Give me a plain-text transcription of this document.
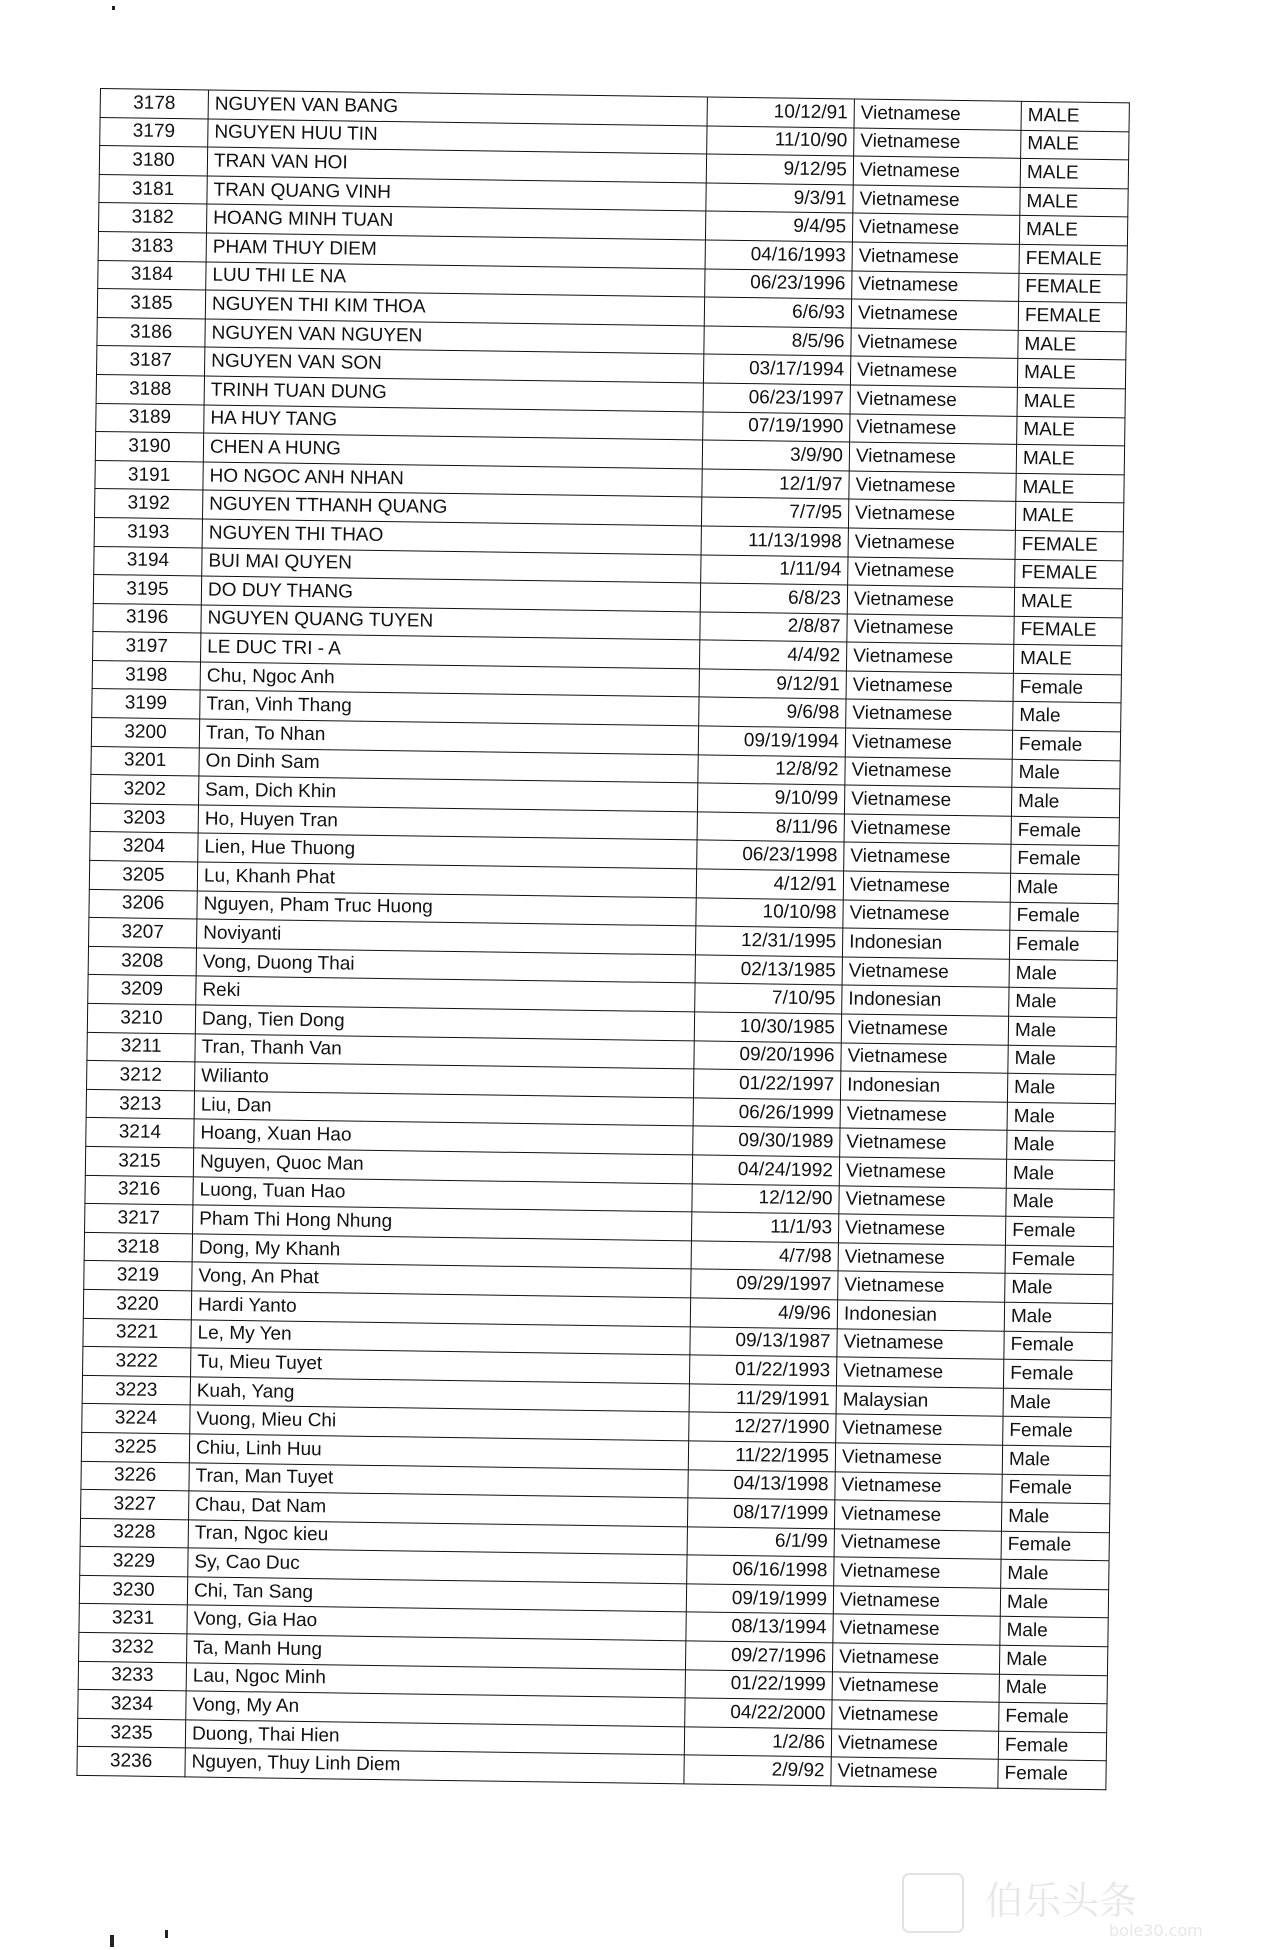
3178	NGUYEN VAN BANG	10/12/91	Vietnamese	MALE
3179	NGUYEN HUU TIN	11/10/90	Vietnamese	MALE
3180	TRAN VAN HOI	9/12/95	Vietnamese	MALE
3181	TRAN QUANG VINH	9/3/91	Vietnamese	MALE
3182	HOANG MINH TUAN	9/4/95	Vietnamese	MALE
3183	PHAM THUY DIEM	04/16/1993	Vietnamese	FEMALE
3184	LUU THI LE NA	06/23/1996	Vietnamese	FEMALE
3185	NGUYEN THI KIM THOA	6/6/93	Vietnamese	FEMALE
3186	NGUYEN VAN NGUYEN	8/5/96	Vietnamese	MALE
3187	NGUYEN VAN SON	03/17/1994	Vietnamese	MALE
3188	TRINH TUAN DUNG	06/23/1997	Vietnamese	MALE
3189	HA HUY TANG	07/19/1990	Vietnamese	MALE
3190	CHEN A HUNG	3/9/90	Vietnamese	MALE
3191	HO NGOC ANH NHAN	12/1/97	Vietnamese	MALE
3192	NGUYEN TTHANH QUANG	7/7/95	Vietnamese	MALE
3193	NGUYEN THI THAO	11/13/1998	Vietnamese	FEMALE
3194	BUI MAI QUYEN	1/11/94	Vietnamese	FEMALE
3195	DO DUY THANG	6/8/23	Vietnamese	MALE
3196	NGUYEN QUANG TUYEN	2/8/87	Vietnamese	FEMALE
3197	LE DUC TRI - A	4/4/92	Vietnamese	MALE
3198	Chu, Ngoc Anh	9/12/91	Vietnamese	Female
3199	Tran, Vinh Thang	9/6/98	Vietnamese	Male
3200	Tran, To Nhan	09/19/1994	Vietnamese	Female
3201	On Dinh Sam	12/8/92	Vietnamese	Male
3202	Sam, Dich Khin	9/10/99	Vietnamese	Male
3203	Ho, Huyen Tran	8/11/96	Vietnamese	Female
3204	Lien, Hue Thuong	06/23/1998	Vietnamese	Female
3205	Lu, Khanh Phat	4/12/91	Vietnamese	Male
3206	Nguyen, Pham Truc Huong	10/10/98	Vietnamese	Female
3207	Noviyanti	12/31/1995	Indonesian	Female
3208	Vong, Duong Thai	02/13/1985	Vietnamese	Male
3209	Reki	7/10/95	Indonesian	Male
3210	Dang, Tien Dong	10/30/1985	Vietnamese	Male
3211	Tran, Thanh Van	09/20/1996	Vietnamese	Male
3212	Wilianto	01/22/1997	Indonesian	Male
3213	Liu, Dan	06/26/1999	Vietnamese	Male
3214	Hoang, Xuan Hao	09/30/1989	Vietnamese	Male
3215	Nguyen, Quoc Man	04/24/1992	Vietnamese	Male
3216	Luong, Tuan Hao	12/12/90	Vietnamese	Male
3217	Pham Thi Hong Nhung	11/1/93	Vietnamese	Female
3218	Dong, My Khanh	4/7/98	Vietnamese	Female
3219	Vong, An Phat	09/29/1997	Vietnamese	Male
3220	Hardi Yanto	4/9/96	Indonesian	Male
3221	Le, My Yen	09/13/1987	Vietnamese	Female
3222	Tu, Mieu Tuyet	01/22/1993	Vietnamese	Female
3223	Kuah, Yang	11/29/1991	Malaysian	Male
3224	Vuong, Mieu Chi	12/27/1990	Vietnamese	Female
3225	Chiu, Linh Huu	11/22/1995	Vietnamese	Male
3226	Tran, Man Tuyet	04/13/1998	Vietnamese	Female
3227	Chau, Dat Nam	08/17/1999	Vietnamese	Male
3228	Tran, Ngoc kieu	6/1/99	Vietnamese	Female
3229	Sy, Cao Duc	06/16/1998	Vietnamese	Male
3230	Chi, Tan Sang	09/19/1999	Vietnamese	Male
3231	Vong, Gia Hao	08/13/1994	Vietnamese	Male
3232	Ta, Manh Hung	09/27/1996	Vietnamese	Male
3233	Lau, Ngoc Minh	01/22/1999	Vietnamese	Male
3234	Vong, My An	04/22/2000	Vietnamese	Female
3235	Duong, Thai Hien	1/2/86	Vietnamese	Female
3236	Nguyen, Thuy Linh Diem	2/9/92	Vietnamese	Female
伯乐头条
bole30.com
